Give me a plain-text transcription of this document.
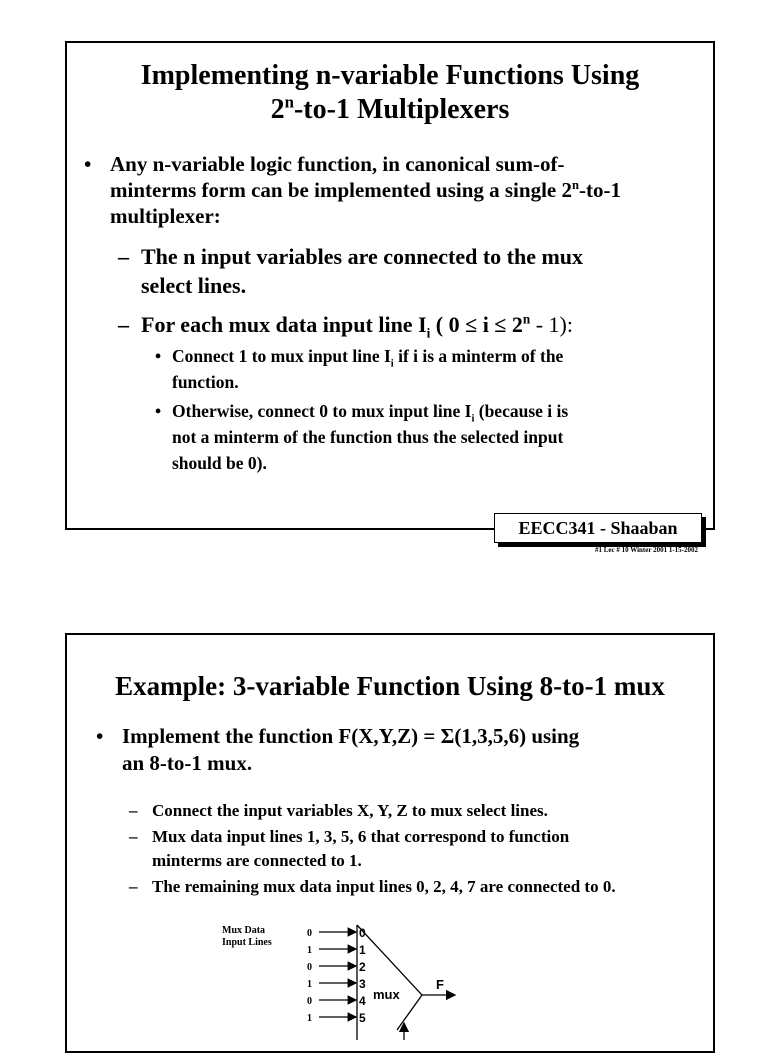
Implementing n-variable Functions Using
2$^n$-to-1 Multiplexers
• Any n-variable logic function, in canonical sum-of-
minterms form can be implemented using a single 2$^n$-to-1
multiplexer:
– The n input variables are connected to the mux
select lines.
– For each mux data input line $I_i$ ( $0 \le i \le 2^n - 1$):
• Connect 1 to mux input line $I_i$ if i is a minterm of the
function.
• Otherwise, connect 0 to mux input line $I_i$ (because i is
not a minterm of the function thus the selected input
should be 0).
EECC341 - Shaaban
#1 Lec # 10 Winter 2001 1-15-2002
Example: 3-variable Function Using 8-to-1 mux
• Implement the function F(X,Y,Z) = Σ(1,3,5,6) using
an 8-to-1 mux.
– Connect the input variables X, Y, Z to mux select lines.
– Mux data input lines 1, 3, 5, 6 that correspond to function
minterms are connected to 1.
– The remaining mux data input lines 0, 2, 4, 7 are connected to 0.
Mux Data
Input Lines
0	0
1	1
0	2
1	3
0	4
1	5
mux
F
